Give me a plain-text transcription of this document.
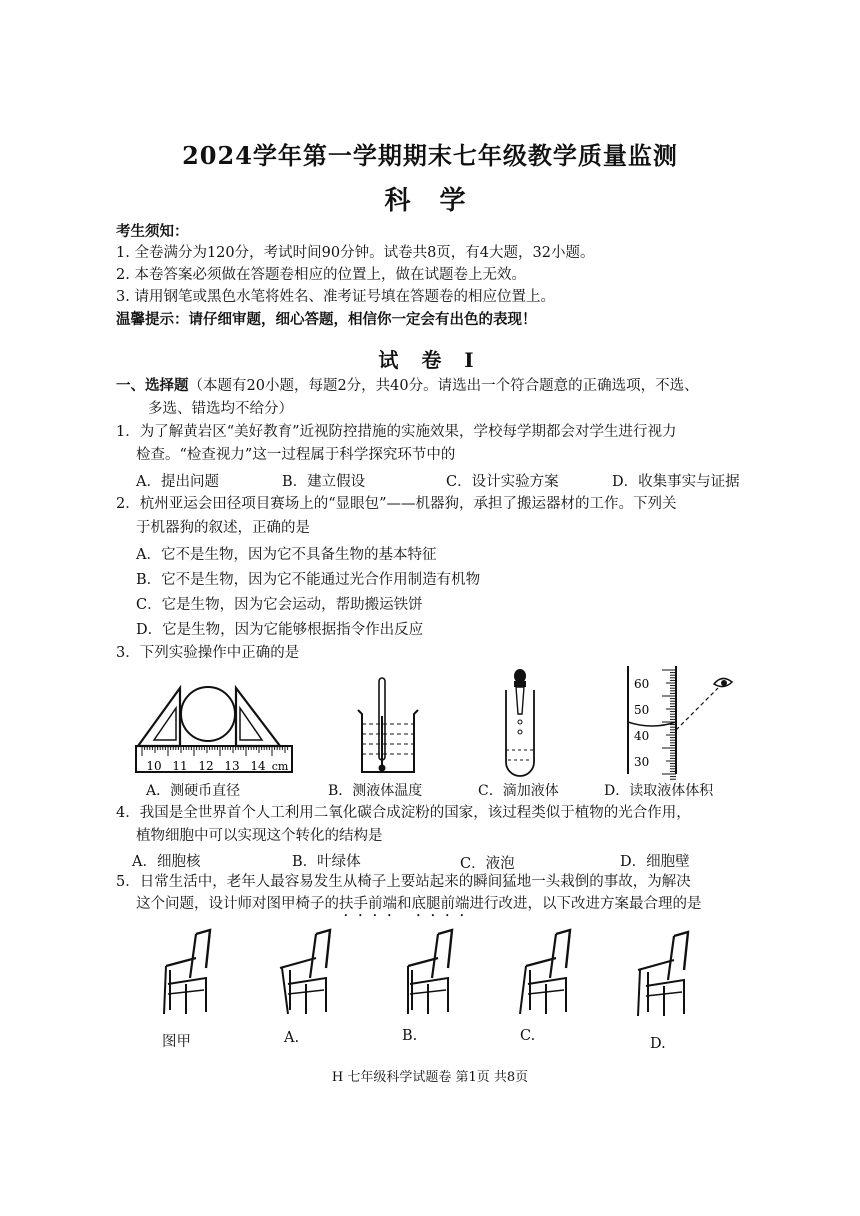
2024学年第一学期期末七年级教学质量监测
科 学
考生须知：
1. 全卷满分为120分，考试时间90分钟。试卷共8页，有4大题，32小题。
2. 本卷答案必须做在答题卷相应的位置上，做在试题卷上无效。
3. 请用钢笔或黑色水笔将姓名、准考证号填在答题卷的相应位置上。
温馨提示：请仔细审题，细心答题，相信你一定会有出色的表现！
试 卷 Ⅰ
一、选择题（本题有20小题，每题2分，共40分。请选出一个符合题意的正确选项，不选、
多选、错选均不给分）
1．为了解黄岩区“美好教育”近视防控措施的实施效果，学校每学期都会对学生进行视力
检查。“检查视力”这一过程属于科学探究环节中的
A．提出问题	B．建立假设	C．设计实验方案	D．收集事实与证据
2．杭州亚运会田径项目赛场上的“显眼包”——机器狗，承担了搬运器材的工作。下列关
于机器狗的叙述，正确的是
A．它不是生物，因为它不具备生物的基本特征
B．它不是生物，因为它不能通过光合作用制造有机物
C．它是生物，因为它会运动，帮助搬运铁饼
D．它是生物，因为它能够根据指令作出反应
3．下列实验操作中正确的是
10 11 12 13 14 cm
60
50
40
30
A．测硬币直径	B．测液体温度	C．滴加液体	D．读取液体体积
4．我国是全世界首个人工利用二氧化碳合成淀粉的国家，该过程类似于植物的光合作用，
植物细胞中可以实现这个转化的结构是
A．细胞核	B．叶绿体	C．液泡	D．细胞壁
5．日常生活中，老年人最容易发生从椅子上要站起来的瞬间猛地一头栽倒的事故，为解决
这个问题，设计师对图甲椅子的扶手前端和底腿前端进行改进，以下改进方案最合理的是
图甲	A.	B.	C.	D.
H 七年级科学试题卷 第1页 共8页
